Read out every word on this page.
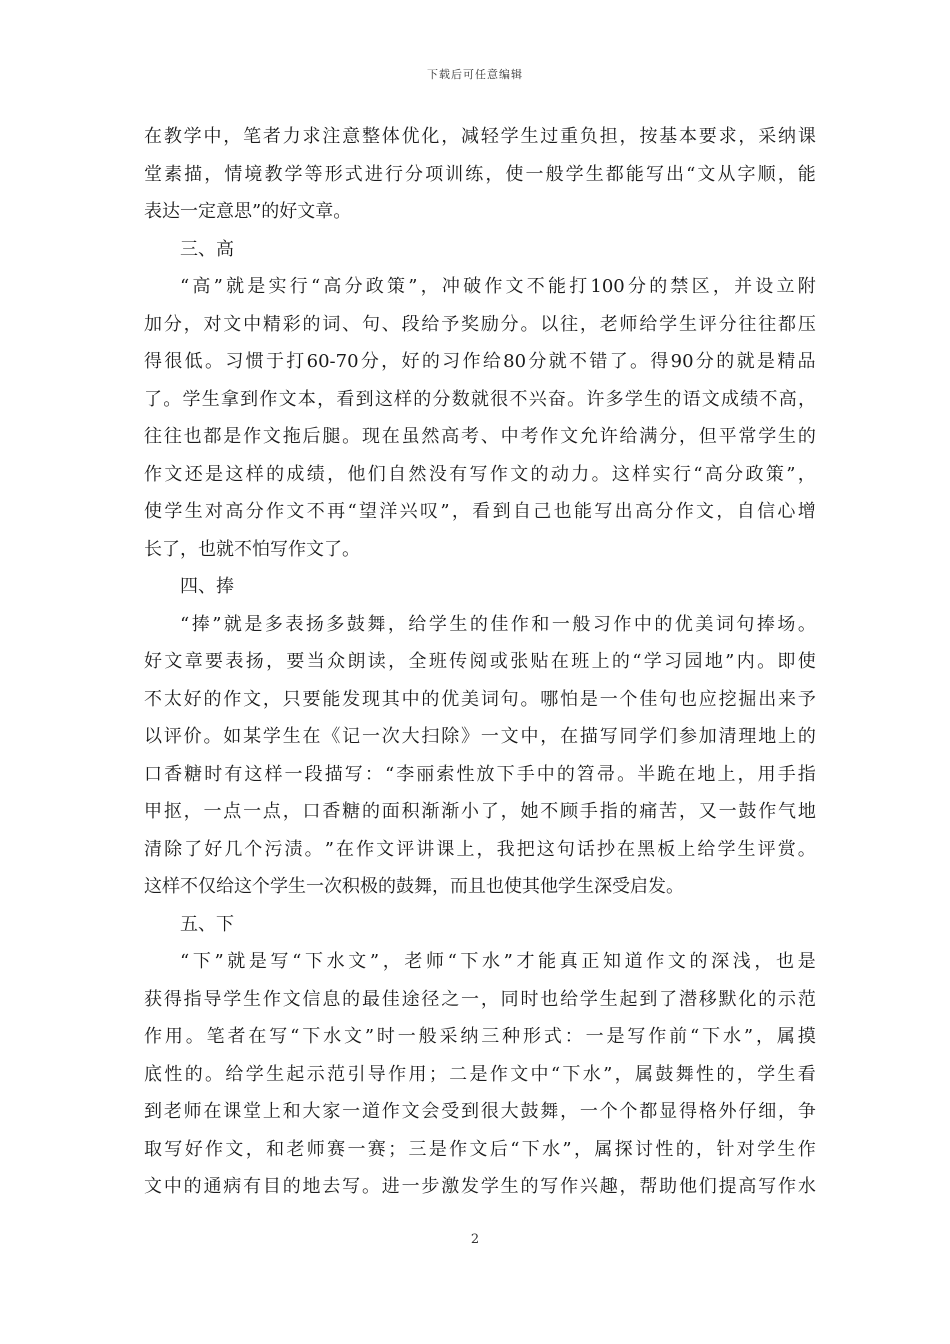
下载后可任意编辑
在 教 学 中 ， 笔 者 力 求 注 意 整 体 优 化 ， 减 轻 学 生 过 重 负 担 ， 按 基 本 要 求 ， 采 纳 课
堂 素 描 ， 情 境 教 学 等 形 式 进 行 分 项 训 练 ， 使 一 般 学 生 都 能 写 出 “ 文 从 字 顺 ， 能
表达一定意思”的好文章。
三、高
“ 高 ” 就 是 实 行 “ 高 分 政 策 ” ， 冲 破 作 文 不 能 打 100 分 的 禁 区 ， 并 设 立 附
加 分 ， 对 文 中 精 彩 的 词 、 句 、 段 给 予 奖 励 分 。 以 往 ， 老 师 给 学 生 评 分 往 往 都 压
得 很 低 。 习 惯 于 打 60-70 分 ， 好 的 习 作 给 80 分 就 不 错 了 。 得 90 分 的 就 是 精 品
了 。 学 生 拿 到 作 文 本 ， 看 到 这 样 的 分 数 就 很 不 兴 奋 。 许 多 学 生 的 语 文 成 绩 不 高 ，
往 往 也 都 是 作 文 拖 后 腿 。 现 在 虽 然 高 考 、 中 考 作 文 允 许 给 满 分 ， 但 平 常 学 生 的
作 文 还 是 这 样 的 成 绩 ， 他 们 自 然 没 有 写 作 文 的 动 力 。 这 样 实 行 “ 高 分 政 策 ” ，
使 学 生 对 高 分 作 文 不 再 “ 望 洋 兴 叹 ” ， 看 到 自 己 也 能 写 出 高 分 作 文 ， 自 信 心 增
长了，也就不怕写作文了。
四、捧
“ 捧 ” 就 是 多 表 扬 多 鼓 舞 ， 给 学 生 的 佳 作 和 一 般 习 作 中 的 优 美 词 句 捧 场 。
好 文 章 要 表 扬 ， 要 当 众 朗 读 ， 全 班 传 阅 或 张 贴 在 班 上 的 “ 学 习 园 地 ” 内 。 即 使
不 太 好 的 作 文 ， 只 要 能 发 现 其 中 的 优 美 词 句 。 哪 怕 是 一 个 佳 句 也 应 挖 掘 出 来 予
以 评 价 。 如 某 学 生 在 《 记 一 次 大 扫 除 》 一 文 中 ， 在 描 写 同 学 们 参 加 清 理 地 上 的
口 香 糖 时 有 这 样 一 段 描 写 ： “ 李 丽 索 性 放 下 手 中 的 笤 帚 。 半 跪 在 地 上 ， 用 手 指
甲 抠 ， 一 点 一 点 ， 口 香 糖 的 面 积 渐 渐 小 了 ， 她 不 顾 手 指 的 痛 苦 ， 又 一 鼓 作 气 地
清 除 了 好 几 个 污 渍 。 ” 在 作 文 评 讲 课 上 ， 我 把 这 句 话 抄 在 黑 板 上 给 学 生 评 赏 。
这样不仅给这个学生一次积极的鼓舞，而且也使其他学生深受启发。
五、下
“ 下 ” 就 是 写 “ 下 水 文 ” ， 老 师 “ 下 水 ” 才 能 真 正 知 道 作 文 的 深 浅 ， 也 是
获 得 指 导 学 生 作 文 信 息 的 最 佳 途 径 之 一 ， 同 时 也 给 学 生 起 到 了 潜 移 默 化 的 示 范
作 用 。 笔 者 在 写 “ 下 水 文 ” 时 一 般 采 纳 三 种 形 式 ： 一 是 写 作 前 “ 下 水 ” ， 属 摸
底 性 的 。 给 学 生 起 示 范 引 导 作 用 ； 二 是 作 文 中 “ 下 水 ” ， 属 鼓 舞 性 的 ， 学 生 看
到 老 师 在 课 堂 上 和 大 家 一 道 作 文 会 受 到 很 大 鼓 舞 ， 一 个 个 都 显 得 格 外 仔 细 ， 争
取 写 好 作 文 ， 和 老 师 赛 一 赛 ； 三 是 作 文 后 “ 下 水 ” ， 属 探 讨 性 的 ， 针 对 学 生 作
文 中 的 通 病 有 目 的 地 去 写 。 进 一 步 激 发 学 生 的 写 作 兴 趣 ， 帮 助 他 们 提 高 写 作 水
2
